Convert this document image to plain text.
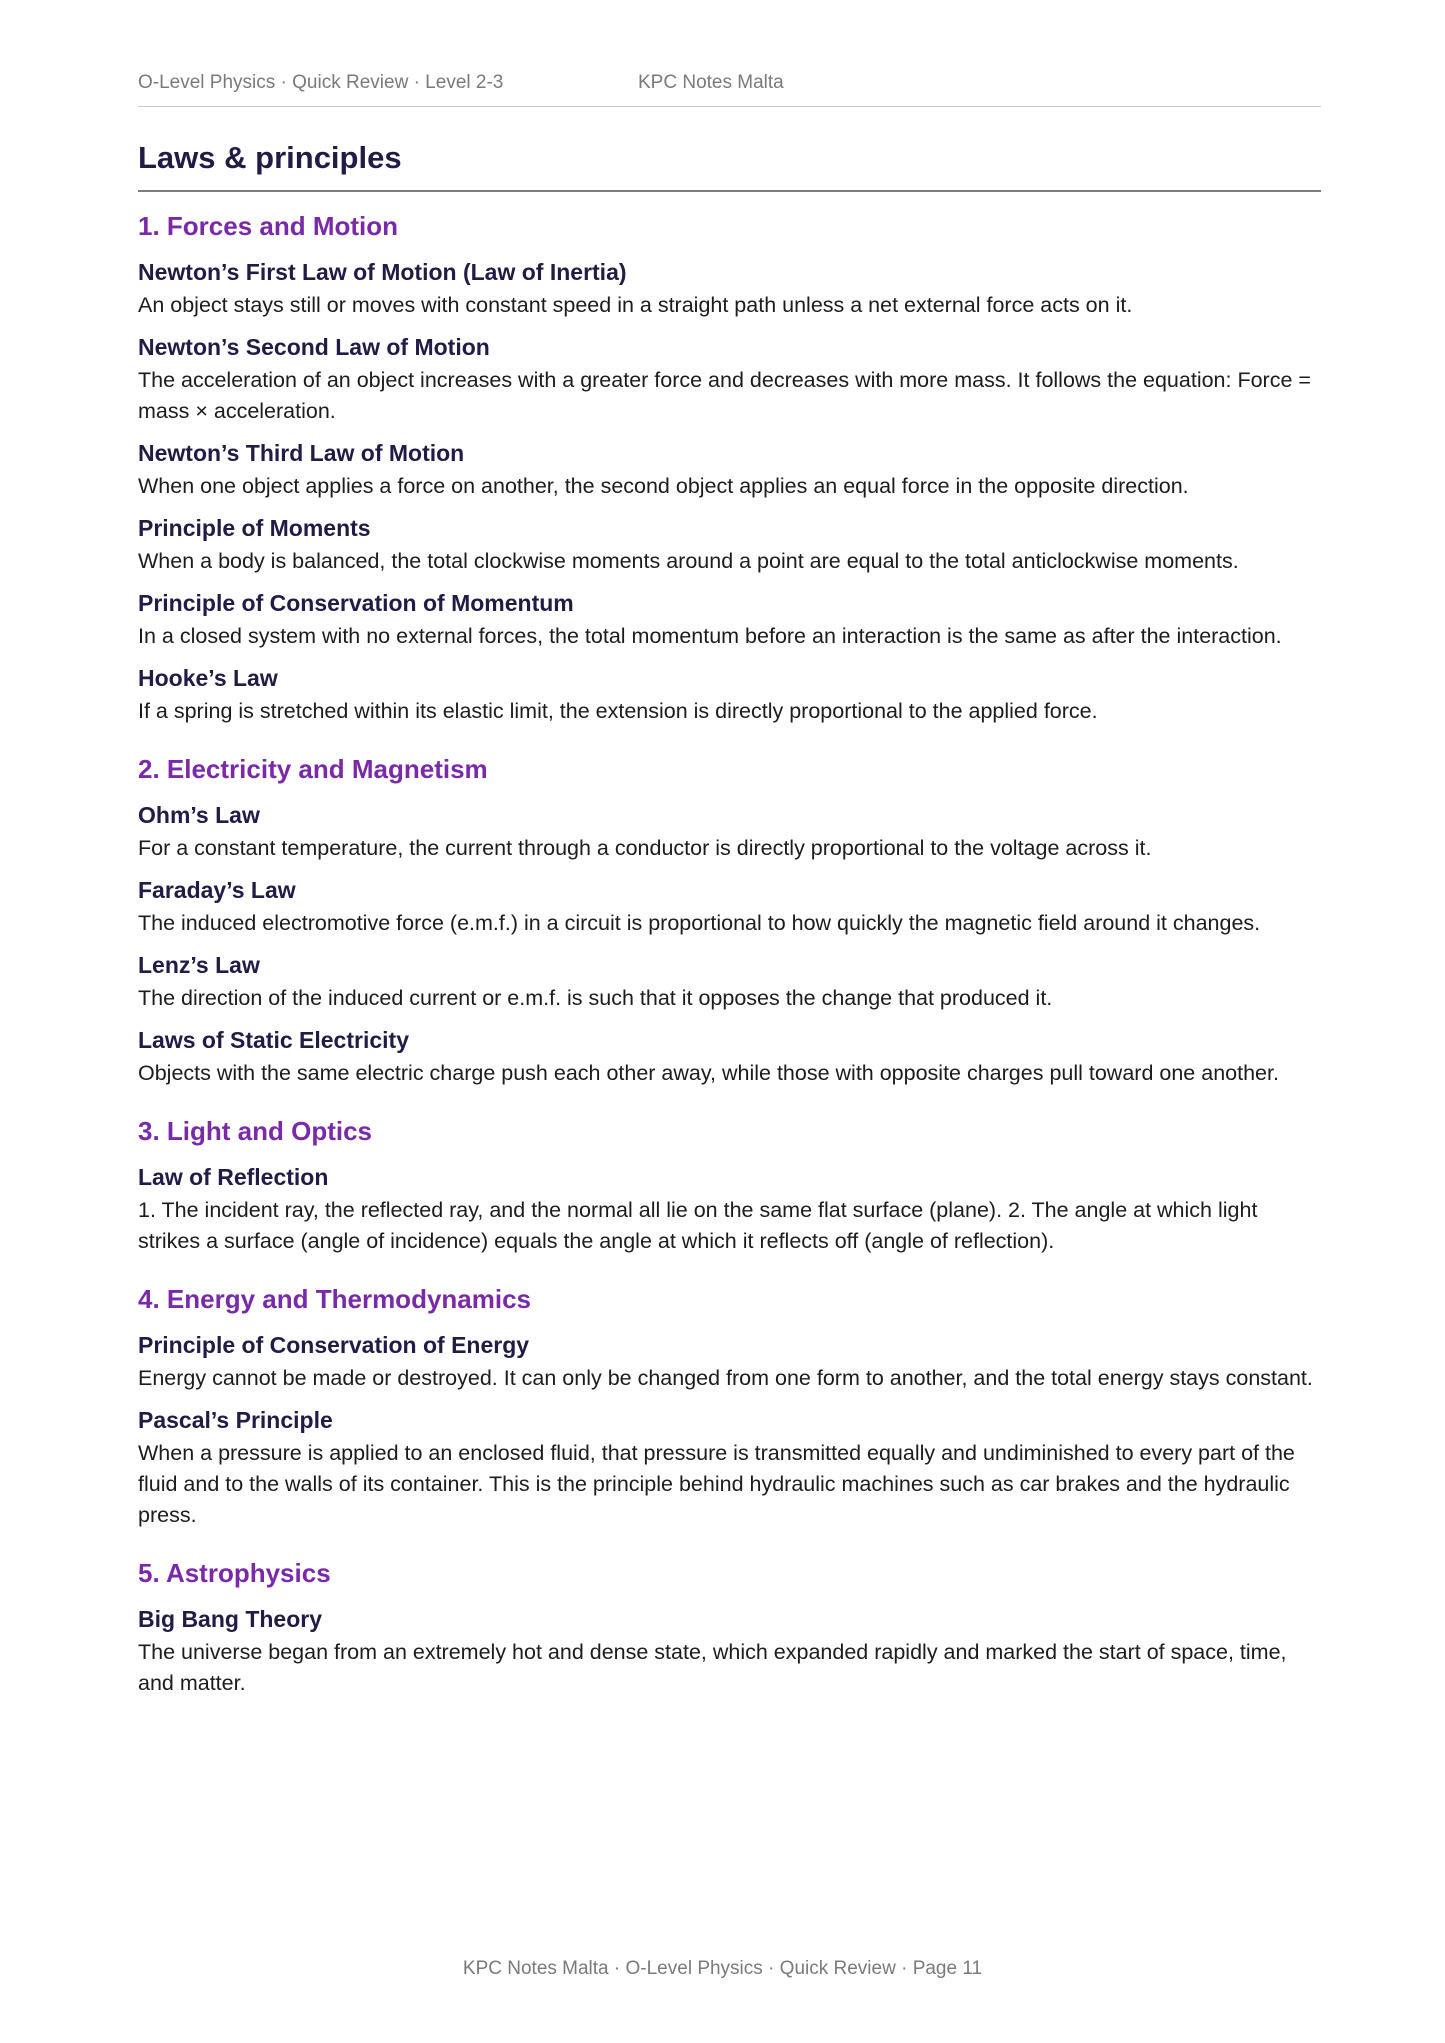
O-Level Physics · Quick Review · Level 2-3	KPC Notes Malta
Laws & principles
1. Forces and Motion
Newton’s First Law of Motion (Law of Inertia)

An object stays still or moves with constant speed in a straight path unless a net external force acts on it.

Newton’s Second Law of Motion

The acceleration of an object increases with a greater force and decreases with more mass. It follows the equation: Force = mass × acceleration.

Newton’s Third Law of Motion

When one object applies a force on another, the second object applies an equal force in the opposite direction.

Principle of Moments

When a body is balanced, the total clockwise moments around a point are equal to the total anticlockwise moments.

Principle of Conservation of Momentum

In a closed system with no external forces, the total momentum before an interaction is the same as after the interaction.

Hooke’s Law

If a spring is stretched within its elastic limit, the extension is directly proportional to the applied force.

2. Electricity and Magnetism
Ohm’s Law

For a constant temperature, the current through a conductor is directly proportional to the voltage across it.

Faraday’s Law

The induced electromotive force (e.m.f.) in a circuit is proportional to how quickly the magnetic field around it changes.

Lenz’s Law

The direction of the induced current or e.m.f. is such that it opposes the change that produced it.

Laws of Static Electricity

Objects with the same electric charge push each other away, while those with opposite charges pull toward one another.

3. Light and Optics
Law of Reflection

1. The incident ray, the reflected ray, and the normal all lie on the same flat surface (plane). 2. The angle at which light strikes a surface (angle of incidence) equals the angle at which it reflects off (angle of reflection).

4. Energy and Thermodynamics
Principle of Conservation of Energy

Energy cannot be made or destroyed. It can only be changed from one form to another, and the total energy stays constant.

Pascal’s Principle

When a pressure is applied to an enclosed fluid, that pressure is transmitted equally and undiminished to every part of the fluid and to the walls of its container. This is the principle behind hydraulic machines such as car brakes and the hydraulic press.

5. Astrophysics
Big Bang Theory

The universe began from an extremely hot and dense state, which expanded rapidly and marked the start of space, time, and matter.

KPC Notes Malta · O-Level Physics · Quick Review · Page 11
